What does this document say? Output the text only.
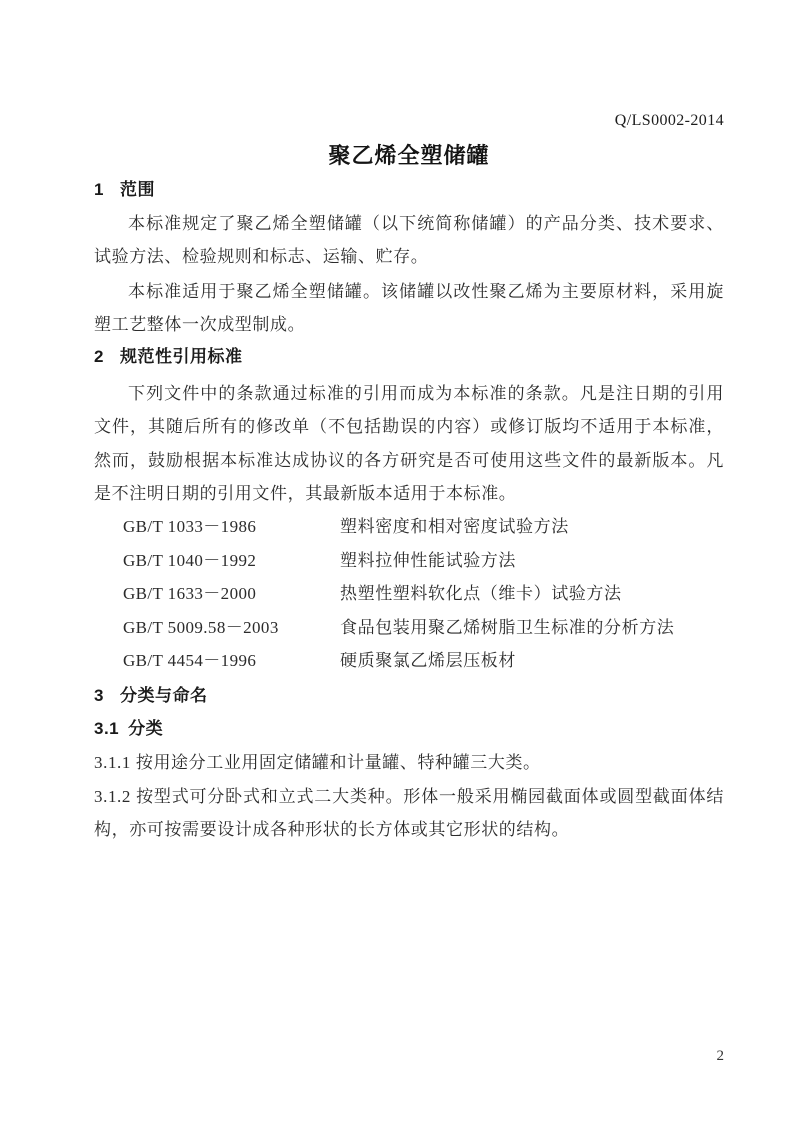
Q/LS0002-2014
聚乙烯全塑储罐
1 范围
本标准规定了聚乙烯全塑储罐（以下统简称储罐）的产品分类、技术要求、试验方法、检验规则和标志、运输、贮存。
本标准适用于聚乙烯全塑储罐。该储罐以改性聚乙烯为主要原材料，采用旋塑工艺整体一次成型制成。
2 规范性引用标准
下列文件中的条款通过标准的引用而成为本标准的条款。凡是注日期的引用文件，其随后所有的修改单（不包括勘误的内容）或修订版均不适用于本标准，然而，鼓励根据本标准达成协议的各方研究是否可使用这些文件的最新版本。凡是不注明日期的引用文件，其最新版本适用于本标准。
GB/T 1033－1986	塑料密度和相对密度试验方法
GB/T 1040－1992	塑料拉伸性能试验方法
GB/T 1633－2000	热塑性塑料软化点（维卡）试验方法
GB/T 5009.58－2003	食品包装用聚乙烯树脂卫生标准的分析方法
GB/T 4454－1996	硬质聚氯乙烯层压板材
3 分类与命名
3.1 分类
3.1.1 按用途分工业用固定储罐和计量罐、特种罐三大类。
3.1.2 按型式可分卧式和立式二大类种。形体一般采用椭园截面体或圆型截面体结构，亦可按需要设计成各种形状的长方体或其它形状的结构。
2
